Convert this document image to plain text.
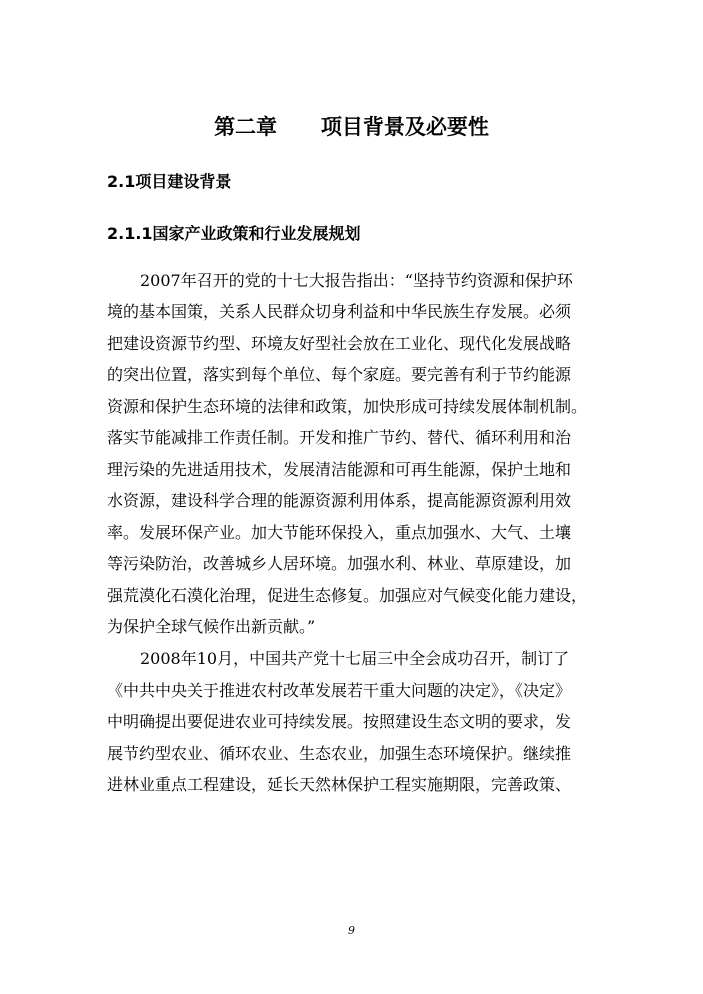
第二章      项目背景及必要性
2.1项目建设背景
2.1.1国家产业政策和行业发展规划
2007年召开的党的十七大报告指出：“坚持节约资源和保护环
境的基本国策，关系人民群众切身利益和中华民族生存发展。必须
把建设资源节约型、环境友好型社会放在工业化、现代化发展战略
的突出位置，落实到每个单位、每个家庭。要完善有利于节约能源
资源和保护生态环境的法律和政策，加快形成可持续发展体制机制。
落实节能减排工作责任制。开发和推广节约、替代、循环利用和治
理污染的先进适用技术，发展清洁能源和可再生能源，保护土地和
水资源，建设科学合理的能源资源利用体系，提高能源资源利用效
率。发展环保产业。加大节能环保投入，重点加强水、大气、土壤
等污染防治，改善城乡人居环境。加强水利、林业、草原建设，加
强荒漠化石漠化治理，促进生态修复。加强应对气候变化能力建设，
为保护全球气候作出新贡献。”
2008年10月，中国共产党十七届三中全会成功召开，制订了
《中共中央关于推进农村改革发展若干重大问题的决定》，《决定》
中明确提出要促进农业可持续发展。按照建设生态文明的要求，发
展节约型农业、循环农业、生态农业，加强生态环境保护。继续推
进林业重点工程建设，延长天然林保护工程实施期限，完善政策、
9
